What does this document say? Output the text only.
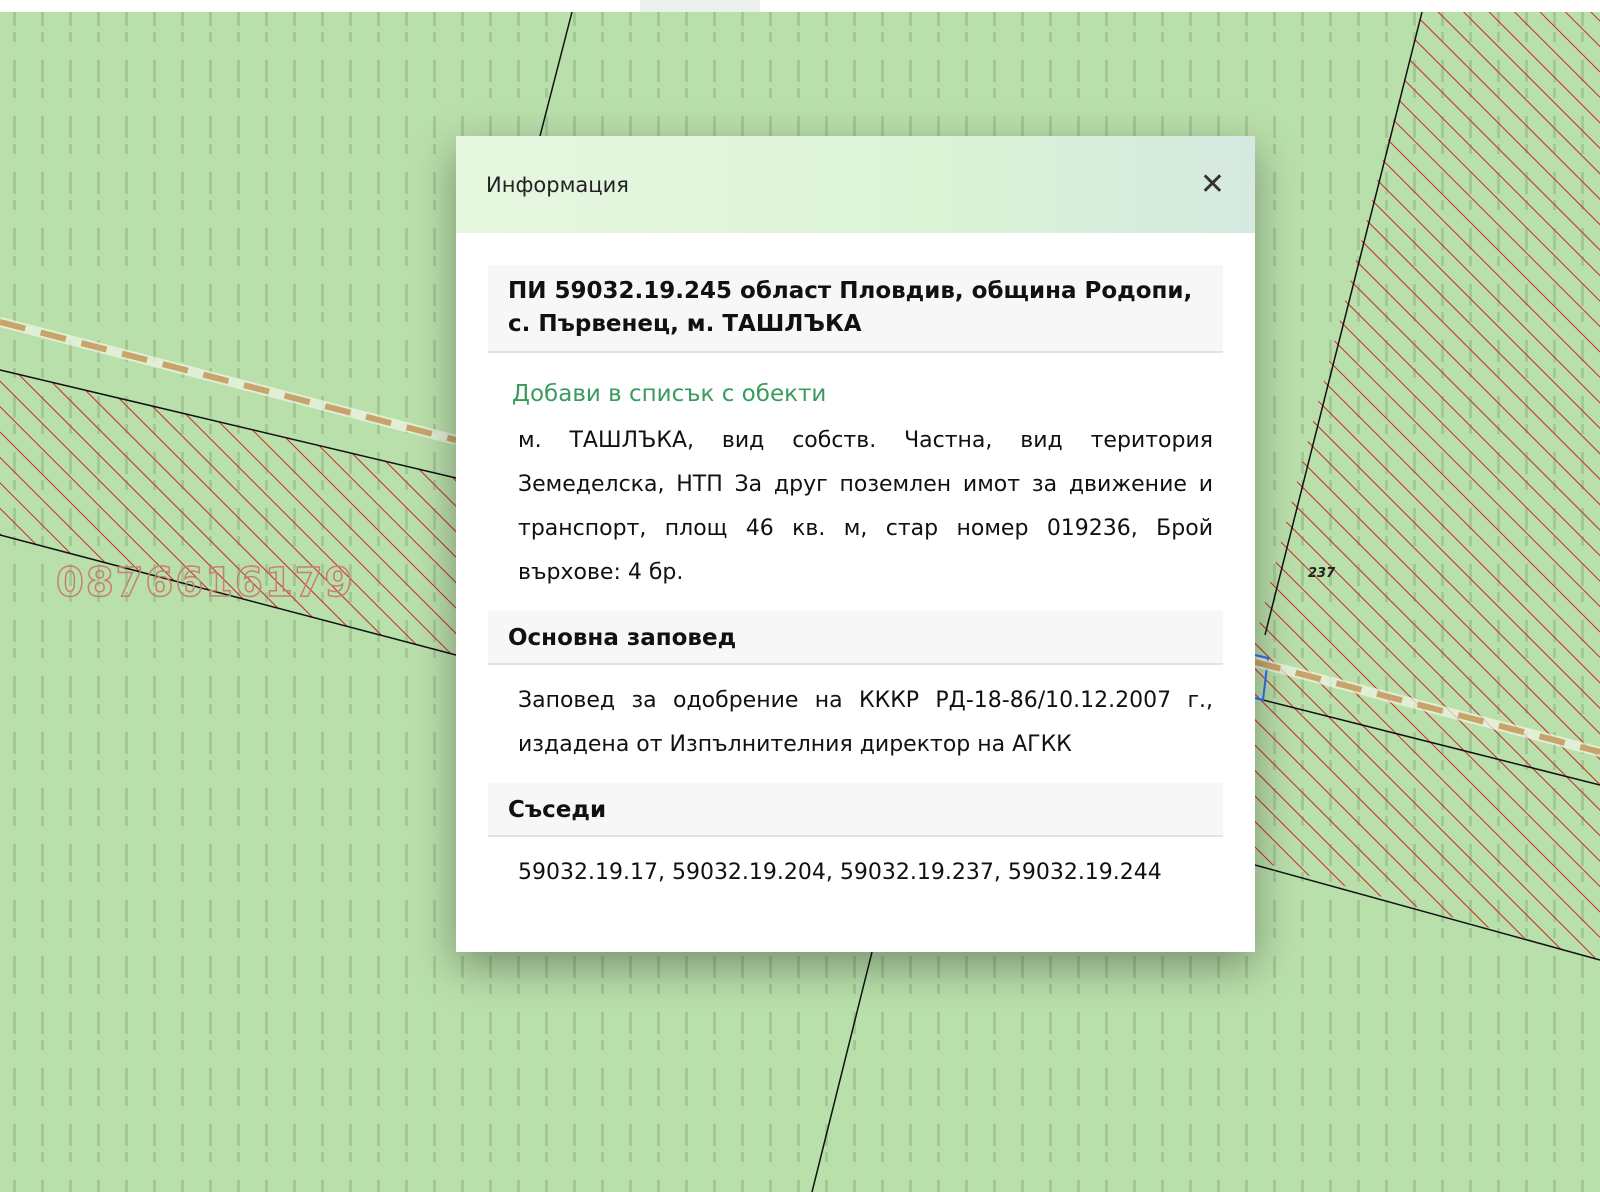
0876616179	237
Информация	✕
ПИ 59032.19.245 област Пловдив, община Родопи, с. Първенец, м. ТАШЛЪКА
Добави в списък с обекти
м. ТАШЛЪКА, вид собств. Частна, вид територия Земеделска, НТП За друг поземлен имот за движение и транспорт, площ 46 кв. м, стар номер 019236, Брой върхове: 4 бр.
Основна заповед
Заповед за одобрение на КККР РД-18-86/10.12.2007 г., издадена от Изпълнителния директор на АГКК
Съседи
59032.19.17, 59032.19.204, 59032.19.237, 59032.19.244
